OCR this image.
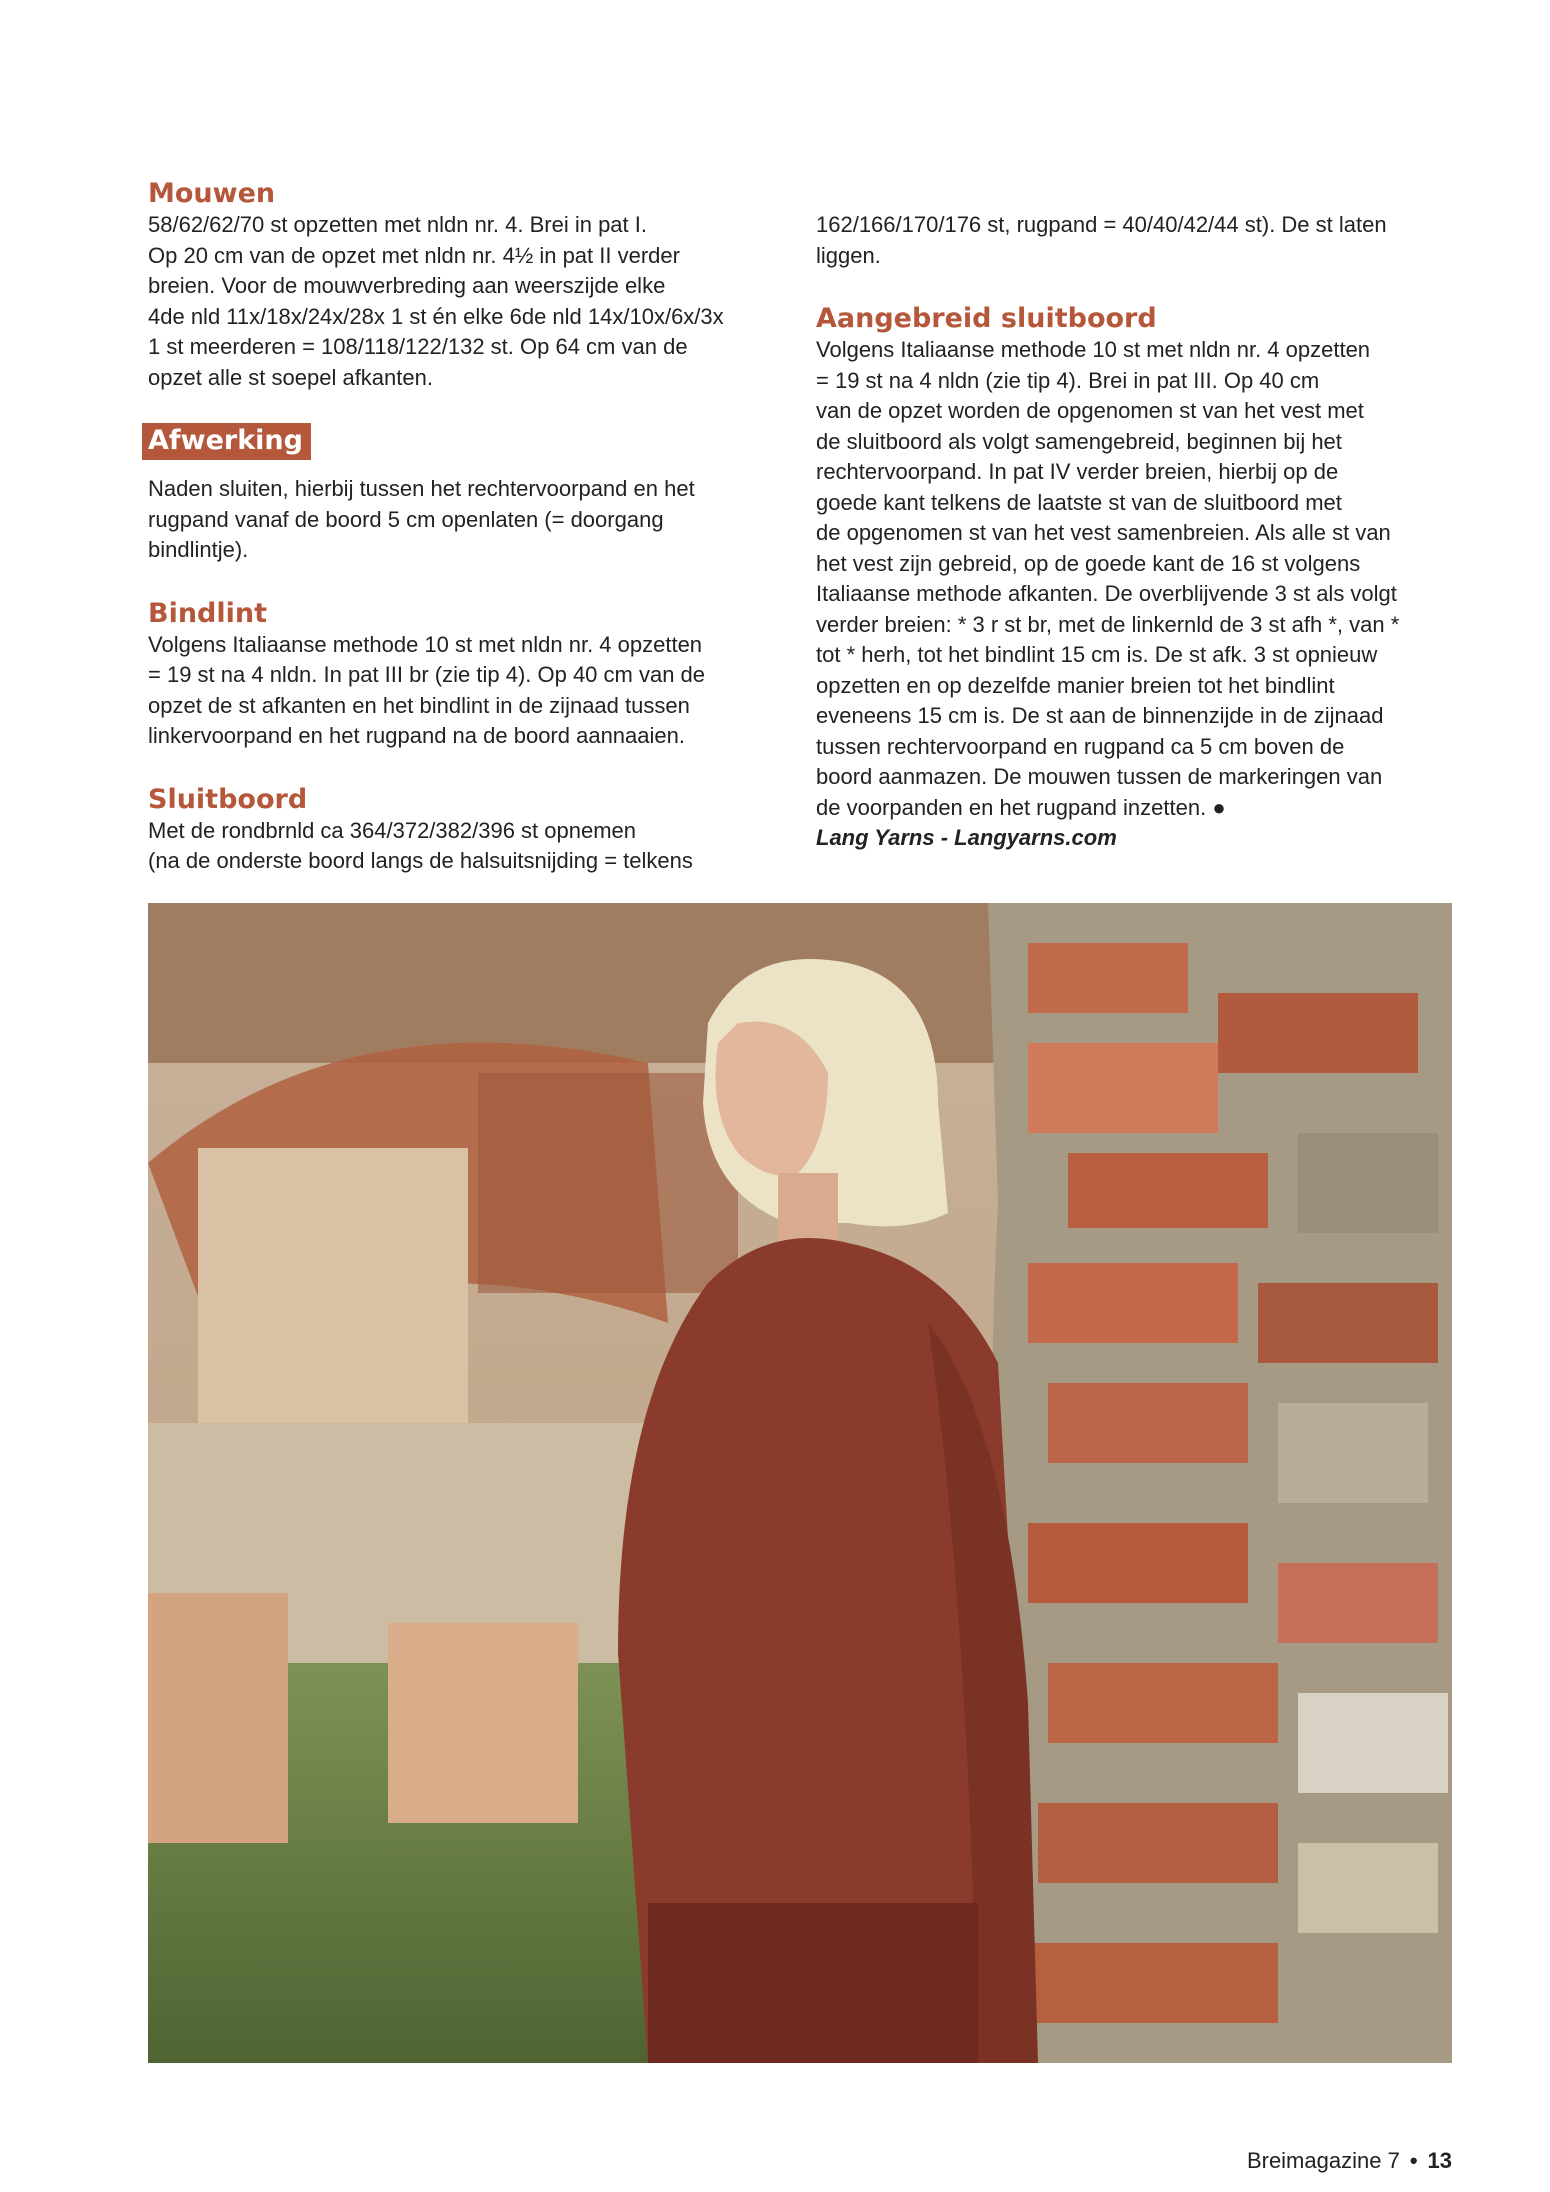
Mouwen

58/62/62/70 st opzetten met nldn nr. 4. Brei in pat I.
Op 20 cm van de opzet met nldn nr. 4½ in pat II verder
breien. Voor de mouwverbreding aan weerszijde elke
4de nld 11x/18x/24x/28x 1 st én elke 6de nld 14x/10x/6x/3x
1 st meerderen = 108/118/122/132 st. Op 64 cm van de
opzet alle st soepel afkanten.

Afwerking

Naden sluiten, hierbij tussen het rechtervoorpand en het
rugpand vanaf de boord 5 cm openlaten (= doorgang
bindlintje).

Bindlint

Volgens Italiaanse methode 10 st met nldn nr. 4 opzetten
= 19 st na 4 nldn. In pat III br (zie tip 4). Op 40 cm van de
opzet de st afkanten en het bindlint in de zijnaad tussen
linkervoorpand en het rugpand na de boord aannaaien.

Sluitboord

Met de rondbrnld ca 364/372/382/396 st opnemen
(na de onderste boord langs de halsuitsnijding = telkens

162/166/170/176 st, rugpand = 40/40/42/44 st). De st laten
liggen.

Aangebreid sluitboord

Volgens Italiaanse methode 10 st met nldn nr. 4 opzetten
= 19 st na 4 nldn (zie tip 4). Brei in pat III. Op 40 cm
van de opzet worden de opgenomen st van het vest met
de sluitboord als volgt samengebreid, beginnen bij het
rechtervoorpand. In pat IV verder breien, hierbij op de
goede kant telkens de laatste st van de sluitboord met
de opgenomen st van het vest samenbreien. Als alle st van
het vest zijn gebreid, op de goede kant de 16 st volgens
Italiaanse methode afkanten. De overblijvende 3 st als volgt
verder breien: * 3 r st br, met de linkernld de 3 st afh *, van *
tot * herh, tot het bindlint 15 cm is. De st afk. 3 st opnieuw
opzetten en op dezelfde manier breien tot het bindlint
eveneens 15 cm is. De st aan de binnenzijde in de zijnaad
tussen rechtervoorpand en rugpand ca 5 cm boven de
boord aanmazen. De mouwen tussen de markeringen van
de voorpanden en het rugpand inzetten. ●

Lang Yarns - Langyarns.com

Breimagazine 7 • 13
